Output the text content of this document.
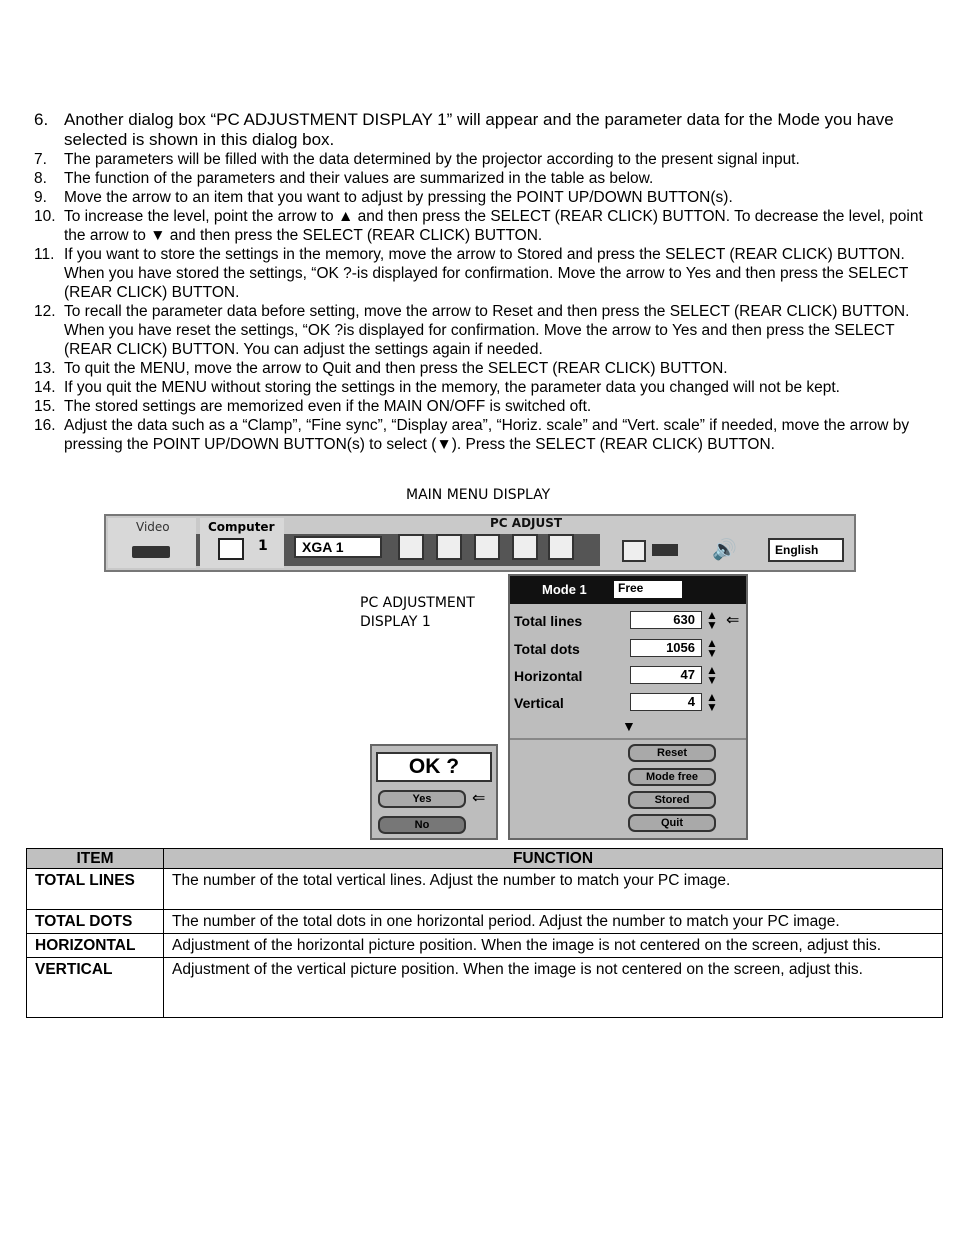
6. Another dialog box “PC ADJUSTMENT DISPLAY 1” will appear and the parameter data for the Mode you have selected is shown in this dialog box.
7. The parameters will be filled with the data determined by the projector according to the present signal input.
8. The function of the parameters and their values are summarized in the table as below.
9. Move the arrow to an item that you want to adjust by pressing the POINT UP/DOWN BUTTON(s).
10. To increase the level, point the arrow to ▲ and then press the SELECT (REAR CLICK) BUTTON. To decrease the level, point the arrow to ▼ and then press the SELECT (REAR CLICK) BUTTON.
11. If you want to store the settings in the memory, move the arrow to Stored and press the SELECT (REAR CLICK) BUTTON. When you have stored the settings, “OK ?-is displayed for confirmation. Move the arrow to Yes and then press the SELECT (REAR CLICK) BUTTON.
12. To recall the parameter data before setting, move the arrow to Reset and then press the SELECT (REAR CLICK) BUTTON. When you have reset the settings, “OK ?is displayed for confirmation. Move the arrow to Yes and then press the SELECT (REAR CLICK) BUTTON. You can adjust the settings again if needed.
13. To quit the MENU, move the arrow to Quit and then press the SELECT (REAR CLICK) BUTTON.
14. If you quit the MENU without storing the settings in the memory, the parameter data you changed will not be kept.
15. The stored settings are memorized even if the MAIN ON/OFF is switched oft.
16. Adjust the data such as a “Clamp”, “Fine sync”, “Display area”, “Horiz. scale” and “Vert. scale” if needed, move the arrow by pressing the POINT UP/DOWN BUTTON(s) to select (▼). Press the SELECT (REAR CLICK) BUTTON.
MAIN MENU DISPLAY
PC ADJUSTMENT
DISPLAY 1
Video	Computer
1
PC ADJUST
XGA 1	🔊	English
Mode 1	Free
Total lines	630 ▲
▼ ⇐
Total dots	1056 ▲
▼
Horizontal	47 ▲
▼
Vertical	4 ▲
▼
▼
Reset
Mode free
Stored
Quit
OK ?
Yes	⇐
No
ITEM	FUNCTION
TOTAL LINES	The number of the total vertical lines. Adjust the number to match your PC image.
TOTAL DOTS	The number of the total dots in one horizontal period. Adjust the number to match your PC image.
HORIZONTAL	Adjustment of the horizontal picture position. When the image is not centered on the screen, adjust this.
VERTICAL	Adjustment of the vertical picture position. When the image is not centered on the screen, adjust this.
